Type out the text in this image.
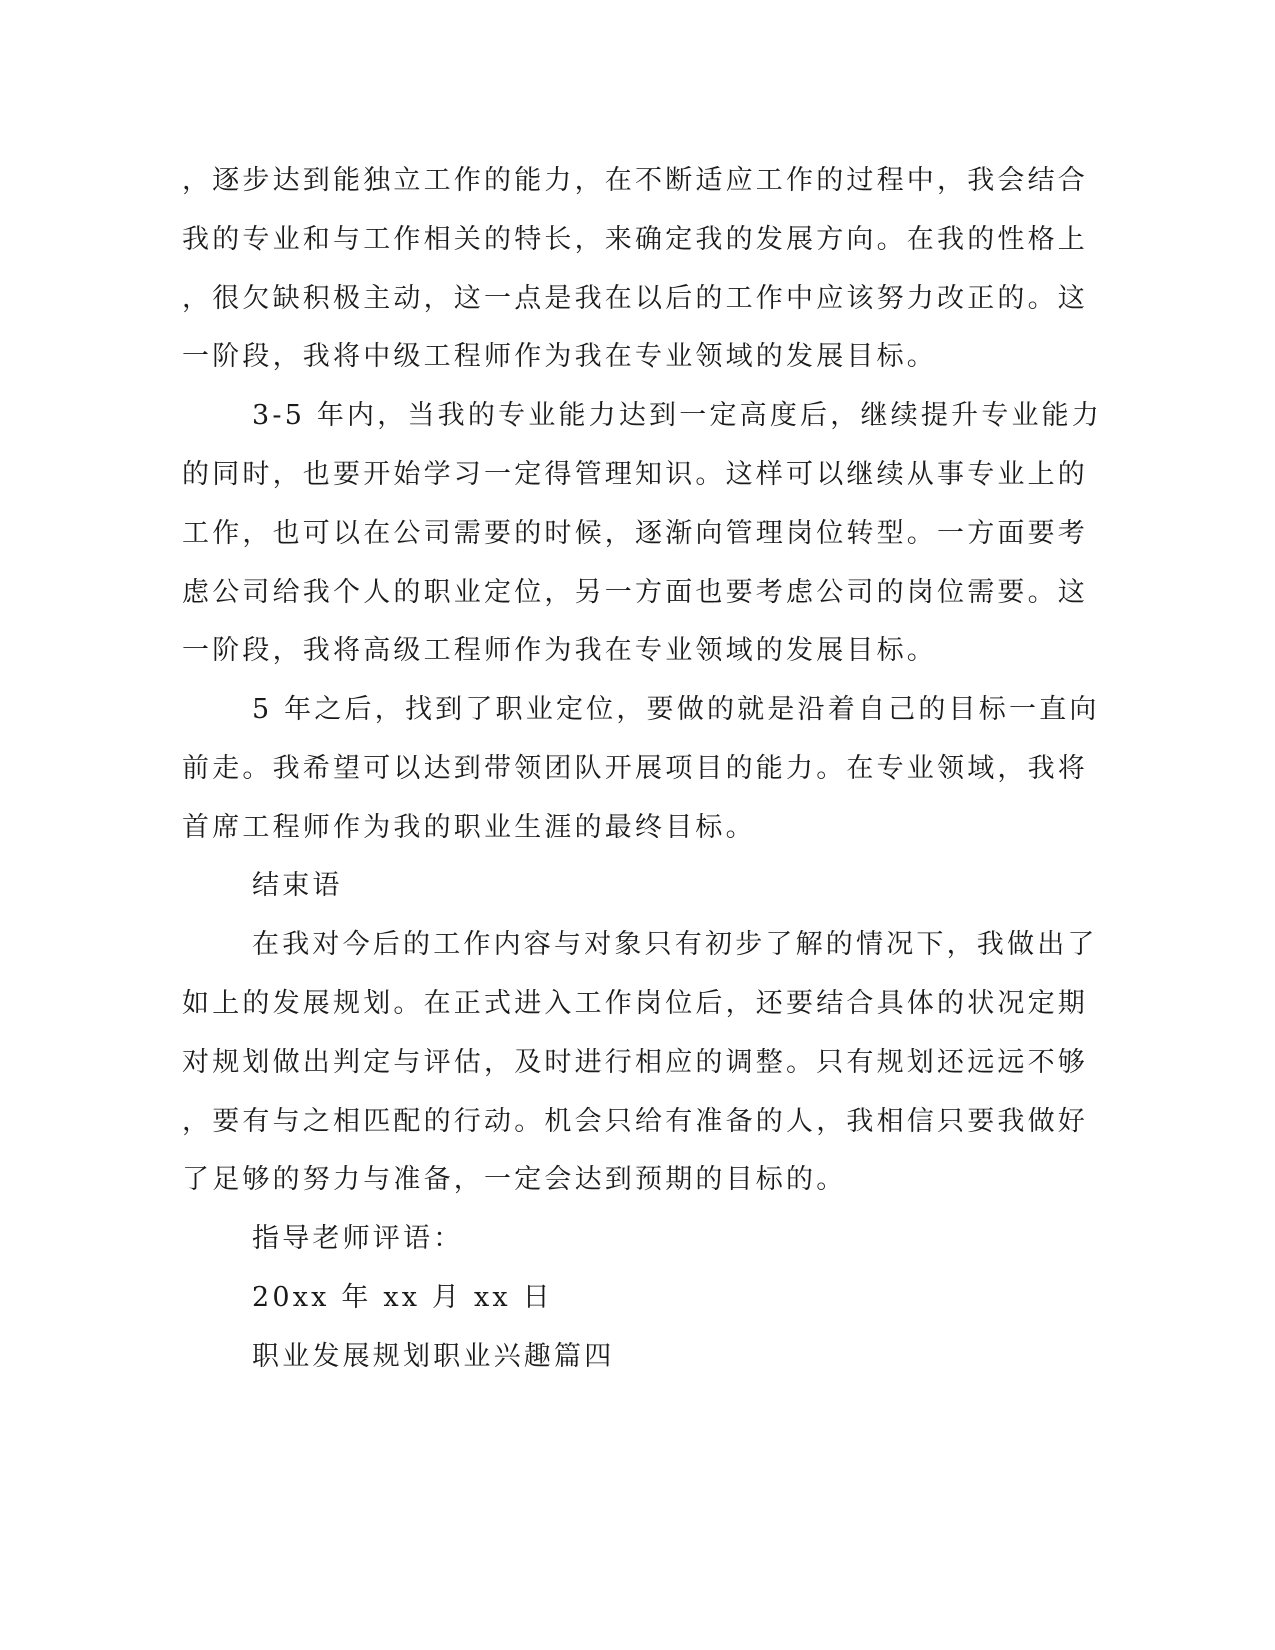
，逐步达到能独立工作的能力，在不断适应工作的过程中，我会结合
我的专业和与工作相关的特长，来确定我的发展方向。在我的性格上
，很欠缺积极主动，这一点是我在以后的工作中应该努力改正的。这
一阶段，我将中级工程师作为我在专业领域的发展目标。
3-5 年内，当我的专业能力达到一定高度后，继续提升专业能力
的同时，也要开始学习一定得管理知识。这样可以继续从事专业上的
工作，也可以在公司需要的时候，逐渐向管理岗位转型。一方面要考
虑公司给我个人的职业定位，另一方面也要考虑公司的岗位需要。这
一阶段，我将高级工程师作为我在专业领域的发展目标。
5 年之后，找到了职业定位，要做的就是沿着自己的目标一直向
前走。我希望可以达到带领团队开展项目的能力。在专业领域，我将
首席工程师作为我的职业生涯的最终目标。
结束语
在我对今后的工作内容与对象只有初步了解的情况下，我做出了
如上的发展规划。在正式进入工作岗位后，还要结合具体的状况定期
对规划做出判定与评估，及时进行相应的调整。只有规划还远远不够
，要有与之相匹配的行动。机会只给有准备的人，我相信只要我做好
了足够的努力与准备，一定会达到预期的目标的。
指导老师评语：
20xx 年 xx 月 xx 日
职业发展规划职业兴趣篇四
